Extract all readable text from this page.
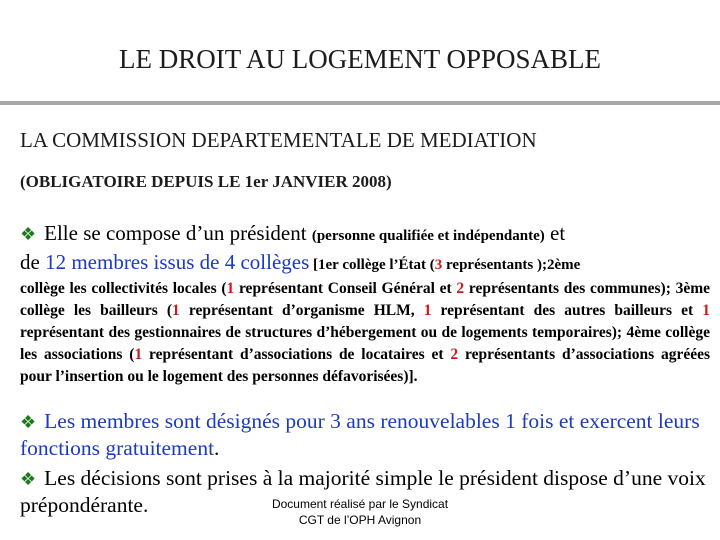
LE DROIT AU LOGEMENT OPPOSABLE
LA COMMISSION DEPARTEMENTALE DE MEDIATION
(OBLIGATOIRE DEPUIS LE 1er JANVIER 2008)
❖ Elle se compose d’un président (personne qualifiée et indépendante) et
de 12 membres issus de 4 collèges [1er collège l’État (3 représentants );2ème
collège les collectivités locales (1 représentant Conseil Général et 2 représentants des communes); 3ème collège les bailleurs (1 représentant d’organisme HLM, 1 représentant des autres bailleurs et 1 représentant des gestionnaires de structures d’hébergement ou de logements temporaires); 4ème collège les associations (1 représentant d’associations de locataires et 2 représentants d’associations agréées pour l’insertion ou le logement des personnes défavorisées)].
❖ Les membres sont désignés pour 3 ans renouvelables 1 fois et exercent leurs fonctions gratuitement.
❖ Les décisions sont prises à la majorité simple le président dispose d’une voix prépondérante.	Document réalisé par le Syndicat
CGT de l’OPH Avignon
